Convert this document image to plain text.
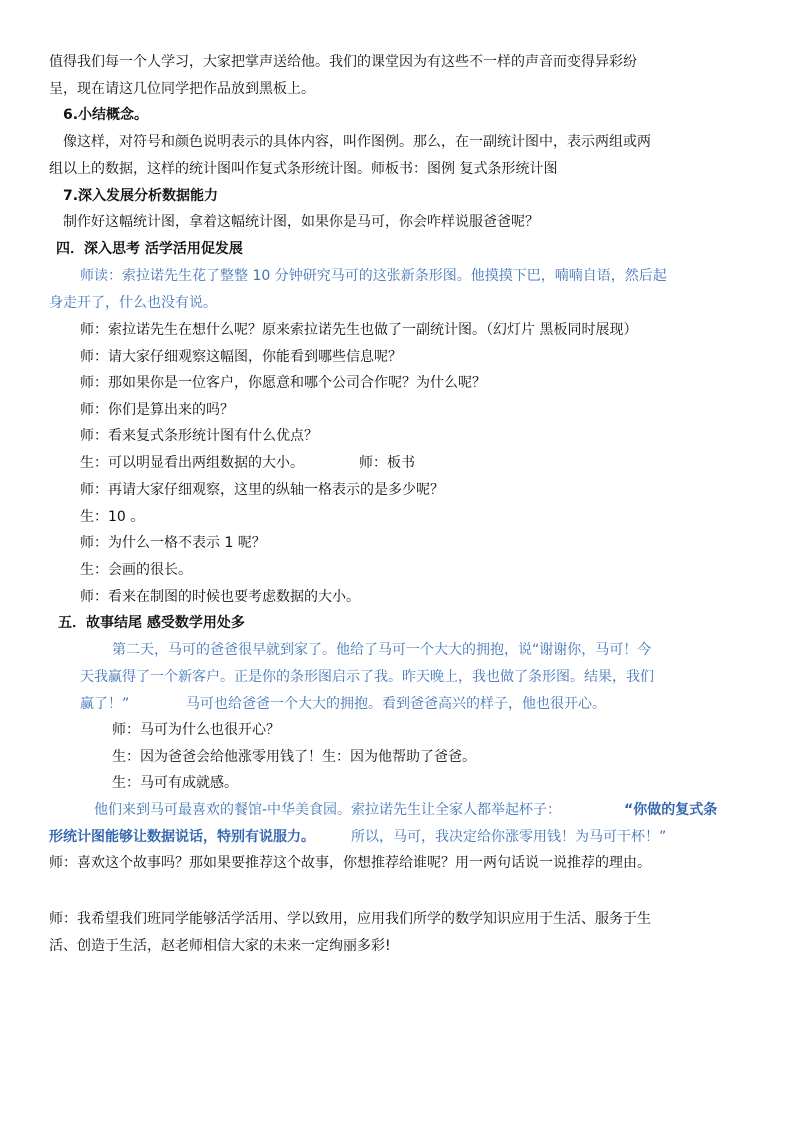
值得我们每一个人学习，大家把掌声送给他。我们的课堂因为有这些不一样的声音而变得异彩纷
呈，现在请这几位同学把作品放到黑板上。
6.小结概念。
像这样，对符号和颜色说明表示的具体内容，叫作图例。那么，在一副统计图中，表示两组或两
组以上的数据，这样的统计图叫作复式条形统计图。师板书：图例 复式条形统计图
7.深入发展分析数据能力
制作好这幅统计图，拿着这幅统计图，如果你是马可，你会咋样说服爸爸呢？
四．深入思考 活学活用促发展
师读：索拉诺先生花了整整 10 分钟研究马可的这张新条形图。他摸摸下巴，喃喃自语，然后起
身走开了，什么也没有说。
师：索拉诺先生在想什么呢？原来索拉诺先生也做了一副统计图。（幻灯片 黑板同时展现）
师：请大家仔细观察这幅图，你能看到哪些信息呢？
师：那如果你是一位客户，你愿意和哪个公司合作呢？为什么呢？
师：你们是算出来的吗？
师：看来复式条形统计图有什么优点？
生：可以明显看出两组数据的大小。	师：板书
师：再请大家仔细观察，这里的纵轴一格表示的是多少呢？
生：10 。
师：为什么一格不表示 1 呢？
生：会画的很长。
师：看来在制图的时候也要考虑数据的大小。
五．故事结尾 感受数学用处多
第二天，马可的爸爸很早就到家了。他给了马可一个大大的拥抱，说“谢谢你，马可！今
天我赢得了一个新客户。正是你的条形图启示了我。昨天晚上，我也做了条形图。结果，我们
赢了！”	马可也给爸爸一个大大的拥抱。看到爸爸高兴的样子，他也很开心。
师：马可为什么也很开心？
生：因为爸爸会给他涨零用钱了！生：因为他帮助了爸爸。
生：马可有成就感。
他们来到马可最喜欢的餐馆-中华美食园。索拉诺先生让全家人都举起杯子：	“你做的复式条
形统计图能够让数据说话，特别有说服力。	所以，马可，我决定给你涨零用钱！为马可干杯！”
师：喜欢这个故事吗？那如果要推荐这个故事，你想推荐给谁呢？用一两句话说一说推荐的理由。
师：我希望我们班同学能够活学活用、学以致用，应用我们所学的数学知识应用于生活、服务于生
活、创造于生活，赵老师相信大家的未来一定绚丽多彩!
